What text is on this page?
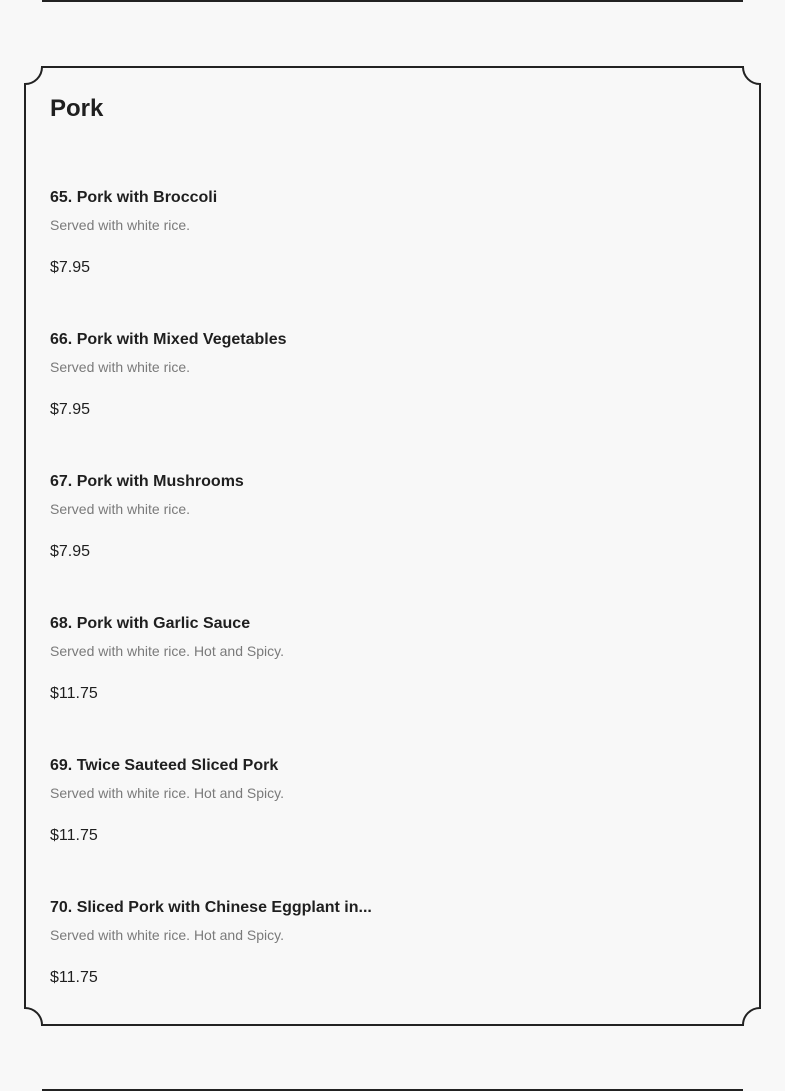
Pork
65. Pork with Broccoli
Served with white rice.
$7.95
66. Pork with Mixed Vegetables
Served with white rice.
$7.95
67. Pork with Mushrooms
Served with white rice.
$7.95
68. Pork with Garlic Sauce
Served with white rice. Hot and Spicy.
$11.75
69. Twice Sauteed Sliced Pork
Served with white rice. Hot and Spicy.
$11.75
70. Sliced Pork with Chinese Eggplant in...
Served with white rice. Hot and Spicy.
$11.75
